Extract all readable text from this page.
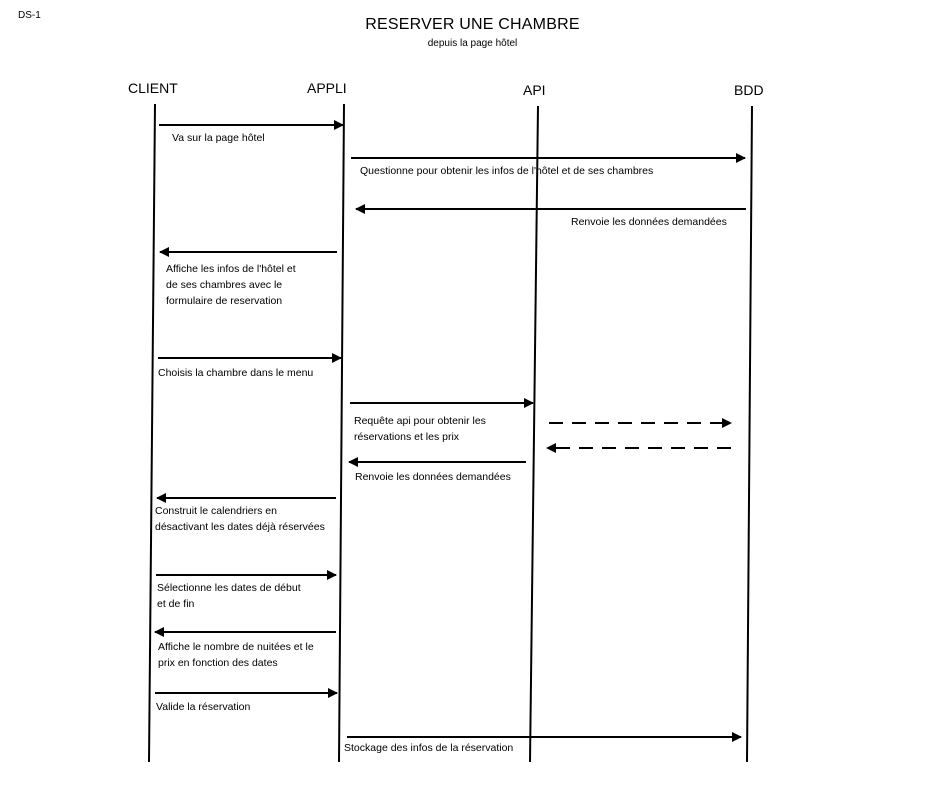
DS-1
RESERVER UNE CHAMBRE
depuis la page hôtel
CLIENT	APPLI	API	BDD
Va sur la page hôtel
Questionne pour obtenir les infos de l'hôtel et de ses chambres
Renvoie les données demandées
Affiche les infos de l'hôtel et
de ses chambres avec le
formulaire de reservation
Choisis la chambre dans le menu
Requête api pour obtenir les
réservations et les prix
Renvoie les données demandées
Construit le calendriers en
désactivant les dates déjà réservées
Sélectionne les dates de début
et de fin
Affiche le nombre de nuitées et le
prix en fonction des dates
Valide la réservation
Stockage des infos de la réservation
